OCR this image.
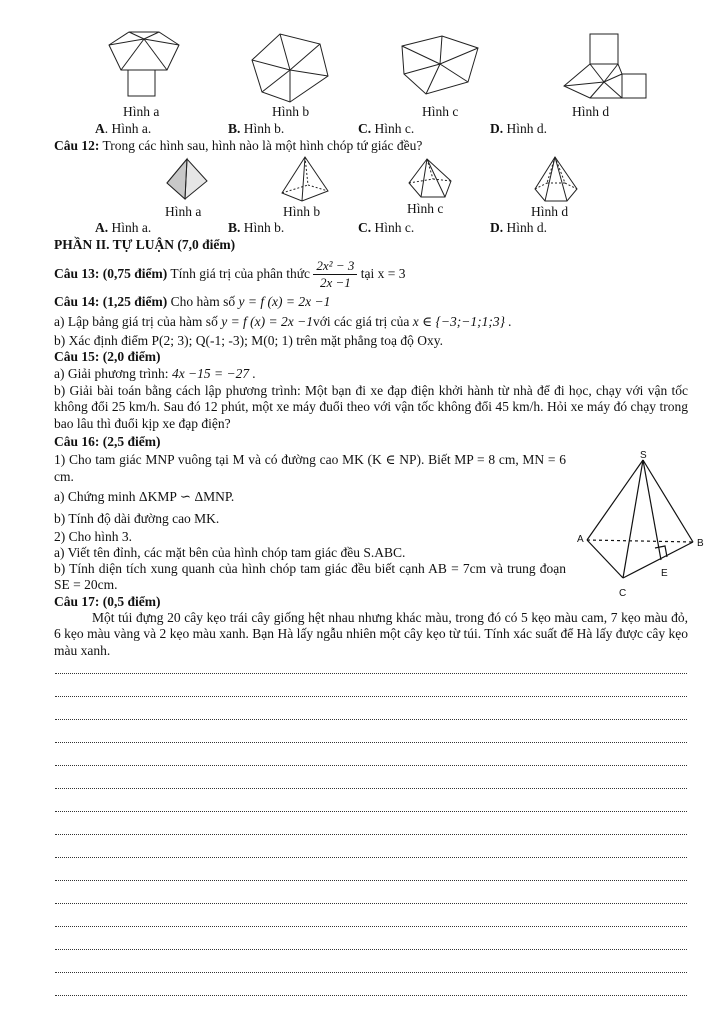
Hình a	Hình b	Hình c	Hình d
A. Hình a.	B. Hình b.	C. Hình c.	D. Hình d.
Câu 12: Trong các hình sau, hình nào là một hình chóp tứ giác đều?
Hình a	Hình b	Hình c	Hình d
A. Hình a.	B. Hình b.	C. Hình c.	D. Hình d.
PHẦN II. TỰ LUẬN (7,0 điểm)
Câu 13: (0,75 điểm) Tính giá trị của phân thức $\frac{\text{2x² − 3}}{2x -1}$ tại x = 3
Câu 14: (1,25 điểm) Cho hàm số y = f (x) = 2x −1
a) Lập bảng giá trị của hàm số y = f (x) = 2x −1với các giá trị của x ∈ {−3;−1;1;3} .
b) Xác định điểm P(2; 3); Q(-1; -3); M(0; 1) trên mặt phẳng toạ độ Oxy.
Câu 15: (2,0 điểm)
a) Giải phương trình: 4x −15 = −27 .
b) Giải bài toán bằng cách lập phương trình: Một bạn đi xe đạp điện khởi hành từ nhà để đi học, chạy với vận tốc không đổi 25 km/h. Sau đó 12 phút, một xe máy đuổi theo với vận tốc không đổi 45 km/h. Hỏi xe máy đó chạy trong bao lâu thì đuổi kịp xe đạp điện?
Câu 16: (2,5 điểm)
1) Cho tam giác MNP vuông tại M và có đường cao MK (K ∈ NP). Biết MP = 8 cm, MN = 6 cm.
a) Chứng minh ΔKMP ∽ ΔMNP.
b) Tính độ dài đường cao MK.
2) Cho hình 3.
a) Viết tên đỉnh, các mặt bên của hình chóp tam giác đều S.ABC.
b) Tính diện tích xung quanh của hình chóp tam giác đều biết cạnh AB = 7cm và trung đoạn SE = 20cm.
S
A	B
C
E
Câu 17: (0,5 điểm)
Một túi đựng 20 cây kẹo trái cây giống hệt nhau nhưng khác màu, trong đó có 5 kẹo màu cam, 7 kẹo màu đỏ, 6 kẹo màu vàng và 2 kẹo màu xanh. Bạn Hà lấy ngẫu nhiên một cây kẹo từ túi. Tính xác suất để Hà lấy được cây kẹo màu xanh.
